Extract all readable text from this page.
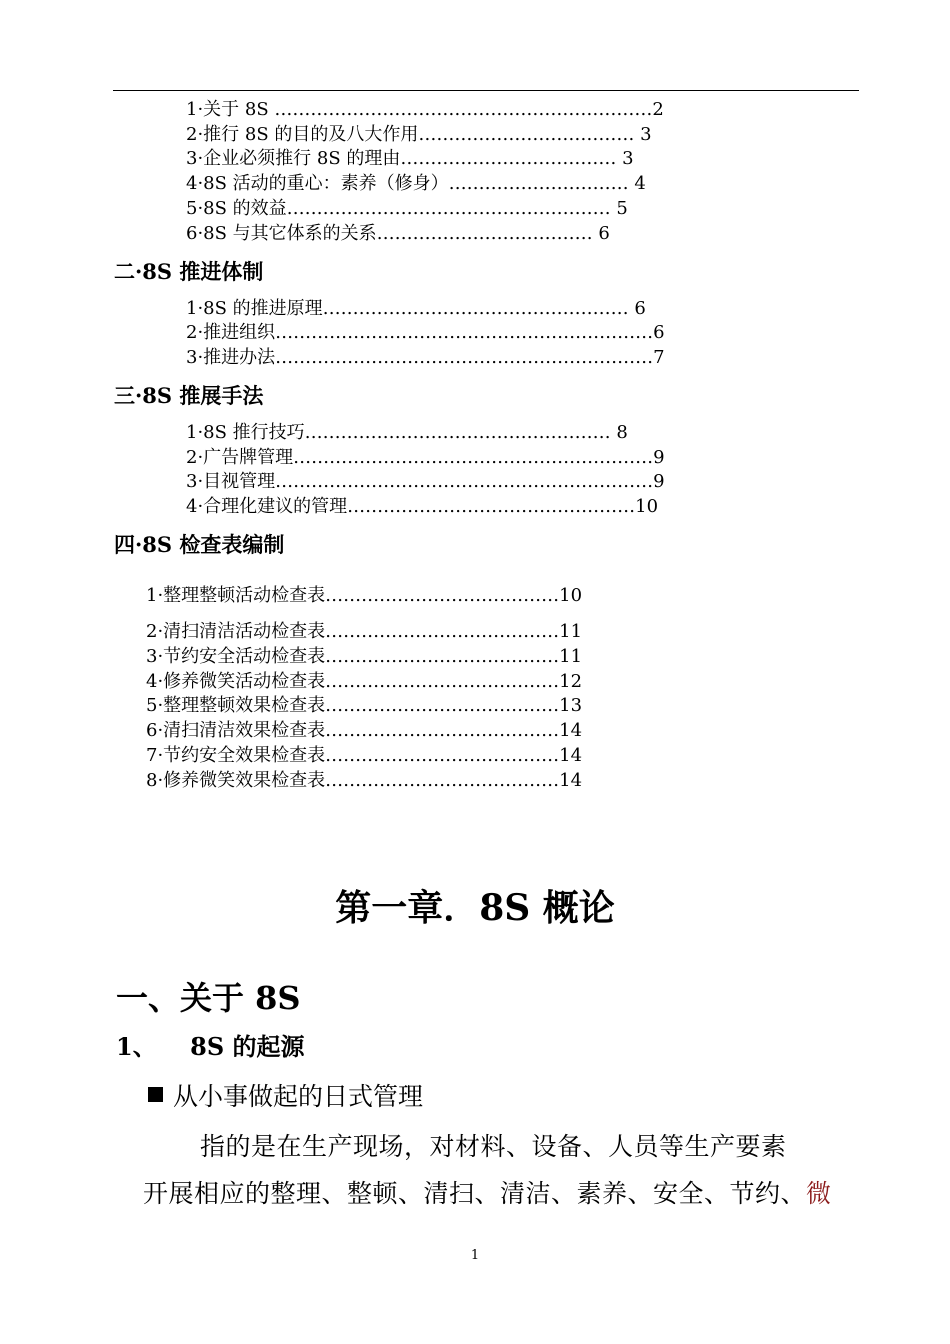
1·关于 8S ………………………………………………………2
2·推行 8S 的目的及八大作用……………………………… 3
3·企业必须推行 8S 的理由……………………………… 3
4·8S 活动的重心：素养（修身）………………………… 4
5·8S 的效益……………………………………………… 5
6·8S 与其它体系的关系……………………………… 6
二·8S 推进体制
1·8S 的推进原理…………………………………………… 6
2·推进组织………………………………………………………6
3·推进办法………………………………………………………7
三·8S 推展手法
1·8S 推行技巧…………………………………………… 8
2·广告牌管理……………………………………………………9
3·目视管理………………………………………………………9
4·合理化建议的管理…………………………………………10
四·8S 检查表编制
1·整理整顿活动检查表…………………………………10
2·清扫清洁活动检查表…………………………………11
3·节约安全活动检查表…………………………………11
4·修养微笑活动检查表…………………………………12
5·整理整顿效果检查表…………………………………13
6·清扫清洁效果检查表…………………………………14
7·节约安全效果检查表…………………………………14
8·修养微笑效果检查表…………………………………14
第一章．8S 概论
一、关于 8S
1、    8S 的起源
从小事做起的日式管理
指的是在生产现场，对材料、设备、人员等生产要素
开展相应的整理、整顿、清扫、清洁、素养、安全、节约、微
1
